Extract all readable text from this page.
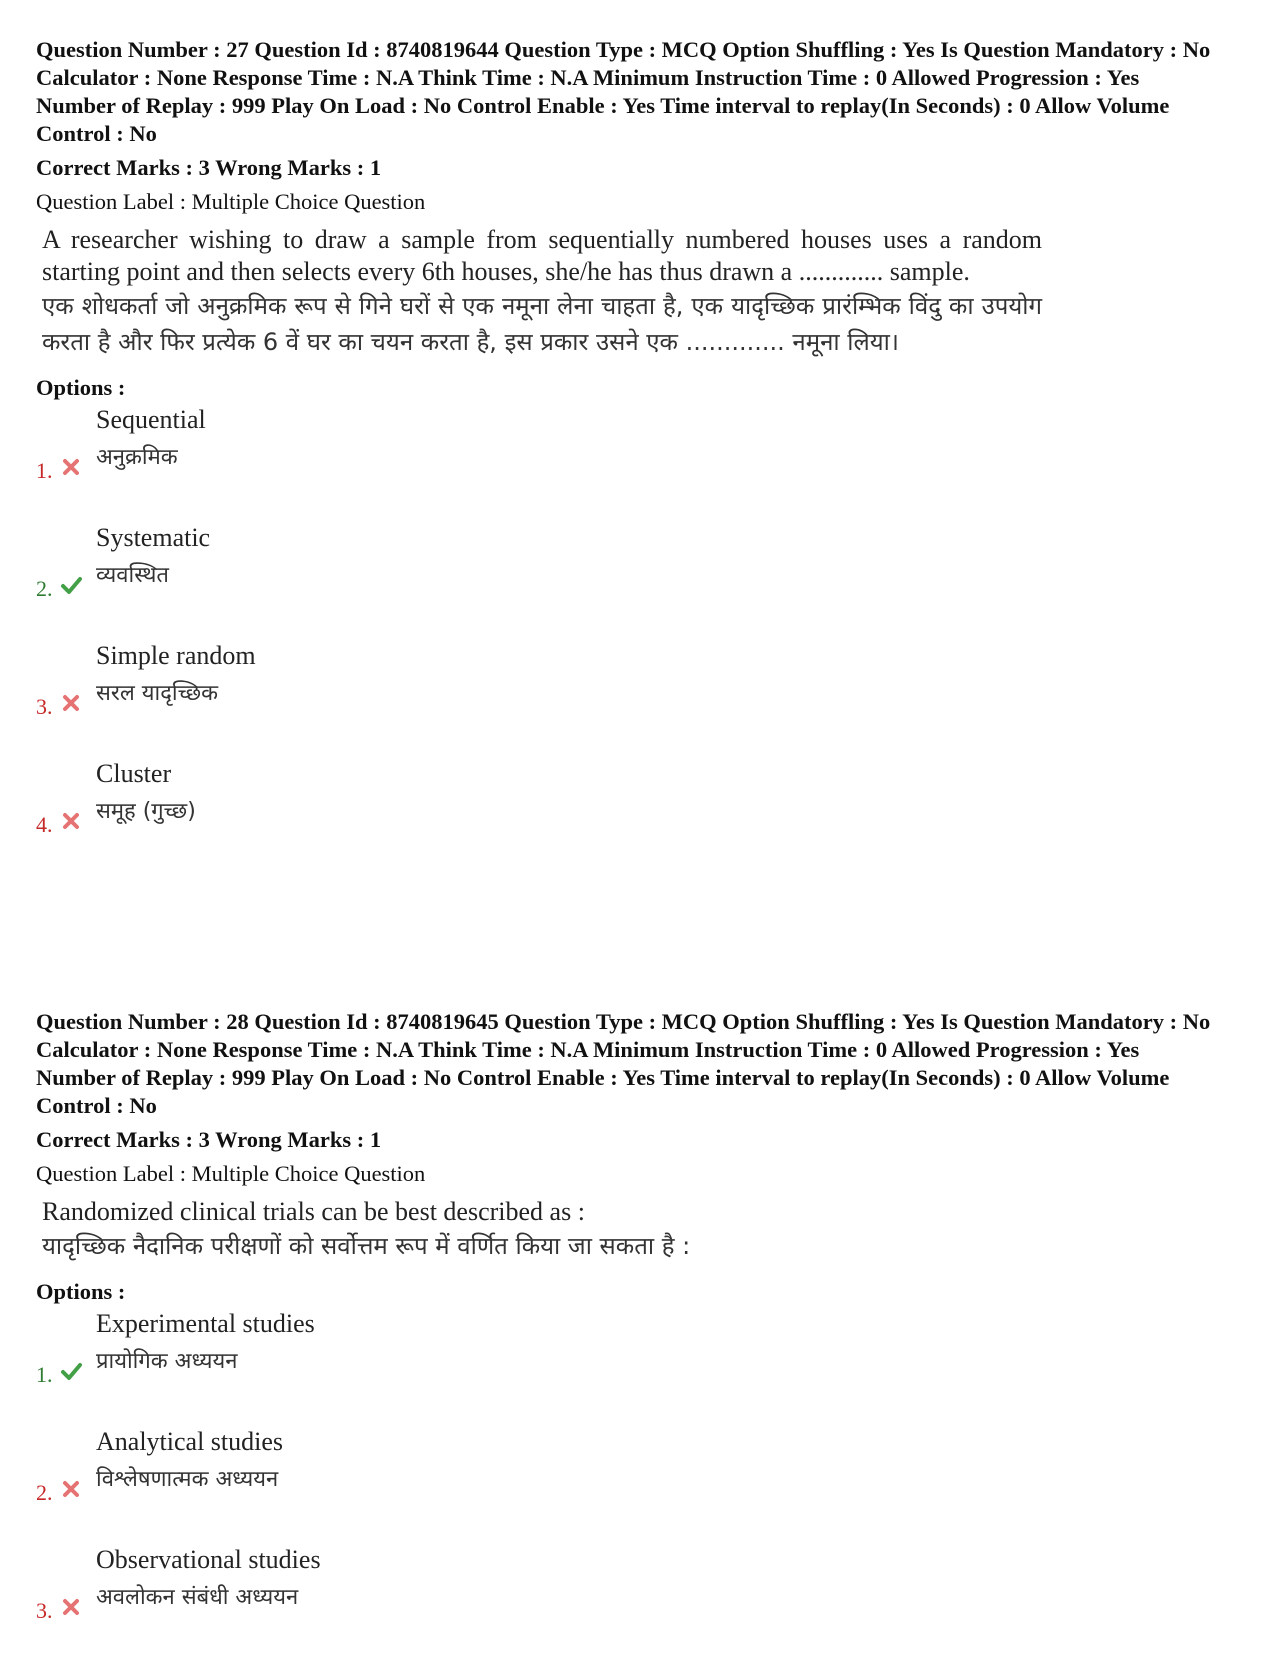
Question Number : 27 Question Id : 8740819644 Question Type : MCQ Option Shuffling : Yes Is Question Mandatory : No Calculator : None Response Time : N.A Think Time : N.A Minimum Instruction Time : 0 Allowed Progression : Yes Number of Replay : 999 Play On Load : No Control Enable : Yes Time interval to replay(In Seconds) : 0 Allow Volume Control : No

Correct Marks : 3 Wrong Marks : 1
Question Label : Multiple Choice Question
A researcher wishing to draw a sample from sequentially numbered houses uses a random starting point and then selects every 6th houses, she/he has thus drawn a ............. sample.
एक शोधकर्ता जो अनुक्रमिक रूप से गिने घरों से एक नमूना लेना चाहता है, एक यादृच्छिक प्रारंम्भिक विंदु का उपयोग करता है और फिर प्रत्येक 6 वें घर का चयन करता है, इस प्रकार उसने एक ............. नमूना लिया।
Options :
Sequential
अनुक्रमिक
1.
Systematic
व्यवस्थित
2.
Simple random
सरल यादृच्छिक
3.
Cluster
समूह (गुच्छ)
4.

Question Number : 28 Question Id : 8740819645 Question Type : MCQ Option Shuffling : Yes Is Question Mandatory : No Calculator : None Response Time : N.A Think Time : N.A Minimum Instruction Time : 0 Allowed Progression : Yes Number of Replay : 999 Play On Load : No Control Enable : Yes Time interval to replay(In Seconds) : 0 Allow Volume Control : No

Correct Marks : 3 Wrong Marks : 1
Question Label : Multiple Choice Question
Randomized clinical trials can be best described as :
यादृच्छिक नैदानिक परीक्षणों को सर्वोत्तम रूप में वर्णित किया जा सकता है :
Options :
Experimental studies
प्रायोगिक अध्ययन
1.
Analytical studies
विश्लेषणात्मक अध्ययन
2.
Observational studies
अवलोकन संबंधी अध्ययन
3.
